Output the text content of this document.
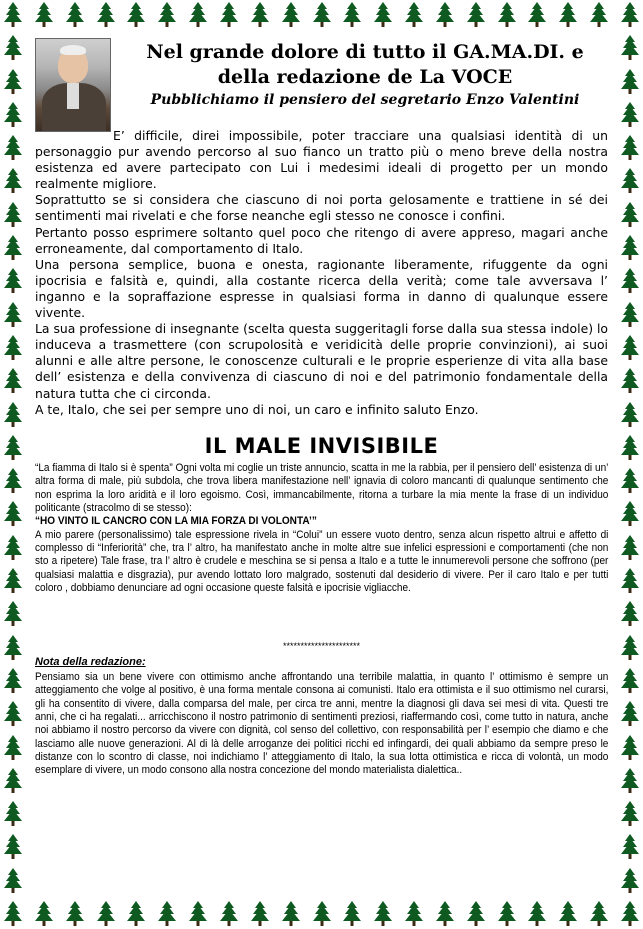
Nel grande dolore di tutto il GA.MA.DI. e
della redazione de La VOCE
Pubblichiamo il pensiero del segretario Enzo Valentini

E’ difficile, direi impossibile, poter tracciare una qualsiasi identità di un personaggio pur avendo percorso al suo fianco un tratto più o meno breve della nostra esistenza ed avere partecipato con Lui i medesimi ideali di progetto per un mondo realmente migliore.

Soprattutto se si considera che ciascuno di noi porta gelosamente e trattiene in sé dei sentimenti mai rivelati e che forse neanche egli stesso ne conosce i confini.

Pertanto posso esprimere soltanto quel poco che ritengo di avere appreso, magari anche erroneamente, dal comportamento di Italo.

Una persona semplice, buona e onesta, ragionante liberamente, rifuggente da ogni ipocrisia e falsità e, quindi, alla costante ricerca della verità; come tale avversava l’ inganno e la sopraffazione espresse in qualsiasi forma in danno di qualunque essere vivente.

La sua professione di insegnante (scelta questa suggeritagli forse dalla sua stessa indole) lo induceva a trasmettere (con scrupolosità e veridicità delle proprie convinzioni), ai suoi alunni e alle altre persone, le conoscenze culturali e le proprie esperienze di vita alla base dell’ esistenza e della convivenza di ciascuno di noi e del patrimonio fondamentale della natura tutta che ci circonda.

A te, Italo, che sei per sempre uno di noi, un caro e infinito saluto Enzo.

IL MALE INVISIBILE

“La fiamma di Italo si è spenta” Ogni volta mi coglie un triste annuncio, scatta in me la rabbia, per il pensiero dell’ esistenza di un’ altra forma di male, più subdola, che trova libera manifestazione nell’ ignavia di coloro mancanti di qualunque sentimento che non esprima la loro aridità e il loro egoismo. Così, immancabilmente, ritorna a turbare la mia mente la frase di un individuo politicante (stracolmo di se stesso):

“HO VINTO IL CANCRO CON LA MIA FORZA DI VOLONTA’”

A mio parere (personalissimo) tale espressione rivela in “Colui” un essere vuoto dentro, senza alcun rispetto altrui e affetto di complesso di “Inferiorità” che, tra l’ altro, ha manifestato anche in molte altre sue infelici espressioni e comportamenti (che non sto a ripetere) Tale frase, tra l’ altro è crudele e meschina se si pensa a Italo e a tutte le innumerevoli persone che soffrono (per qualsiasi malattia e disgrazia), pur avendo lottato loro malgrado, sostenuti dal desiderio di vivere. Per il caro Italo e per tutti coloro , dobbiamo denunciare ad ogni occasione queste falsità e ipocrisie vigliacche.

**********************
Nota della redazione:

Pensiamo sia un bene vivere con ottimismo anche affrontando una terribile malattia, in quanto l’ ottimismo è sempre un atteggiamento che volge al positivo, è una forma mentale consona ai comunisti. Italo era ottimista e il suo ottimismo nel curarsi, gli ha consentito di vivere, dalla comparsa del male, per circa tre anni, mentre la diagnosi gli dava sei mesi di vita. Questi tre anni, che ci ha regalati... arricchiscono il nostro patrimonio di sentimenti preziosi, riaffermando così, come tutto in natura, anche noi abbiamo il nostro percorso da vivere con dignità, col senso del collettivo, con responsabilità per l’ esempio che diamo e che lasciamo alle nuove generazioni. Al di là delle arroganze dei politici ricchi ed infingardi, dei quali abbiamo da sempre preso le distanze con lo scontro di classe, noi indichiamo l’ atteggiamento di Italo, la sua lotta ottimistica e ricca di volontà, un modo esemplare di vivere, un modo consono alla nostra concezione del mondo materialista dialettica..
